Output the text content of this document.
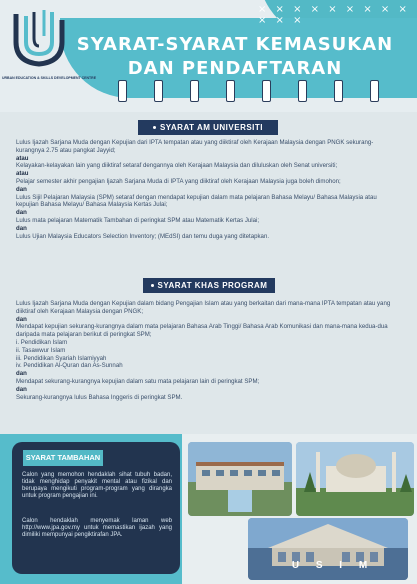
× × × × × × × × × × × ×
URBAN EDUCATION & SKILLS DEVELOPMENT CENTRE
SYARAT-SYARAT KEMASUKAN
DAN PENDAFTARAN
SYARAT AM UNIVERSITI
Lulus Ijazah Sarjana Muda dengan Kepujian dari IPTA tempatan atau yang diiktiraf oleh Kerajaan Malaysia dengan PNGK sekurang-kurangnya 2.75 atau pangkat Jayyid;
atau
Kelayakan-kelayakan lain yang diiktiraf setaraf dengannya oleh Kerajaan Malaysia dan diluluskan oleh Senat universiti;
atau
Pelajar semester akhir pengajian Ijazah Sarjana Muda di IPTA yang diiktiraf oleh Kerajaan Malaysia juga boleh dimohon;
dan
Lulus Sijil Pelajaran Malaysia (SPM) setaraf dengan mendapat kepujian dalam mata pelajaran Bahasa Melayu/ Bahasa Malaysia atau kepujian Bahasa Melayu/ Bahasa Malaysia Kertas Julai;
dan
Lulus mata pelajaran Matematik Tambahan di peringkat SPM atau Matematik Kertas Julai;
dan
Lulus Ujian Malaysia Educators Selection Inventory; (MEdSI) dan temu duga yang ditetapkan.
SYARAT KHAS PROGRAM
Lulus Ijazah Sarjana Muda dengan Kepujian dalam bidang Pengajian Islam atau yang berkaitan dari mana-mana IPTA tempatan atau yang diiktiraf oleh Kerajaan Malaysia dengan PNGK;
dan
Mendapat kepujian sekurang-kurangnya dalam mata pelajaran Bahasa Arab Tinggi/ Bahasa Arab Komunikasi dan mana-mana kedua-dua daripada mata pelajaran berikut di peringkat SPM;
i. Pendidikan Islam
ii. Tasawwur Islam
iii. Pendidikan Syariah Islamiyyah
iv. Pendidikan Al-Quran dan As-Sunnah
dan
Mendapat sekurang-kurangnya kepujian dalam satu mata pelajaran lain di peringkat SPM;
dan
Sekurang-kurangnya lulus Bahasa Inggeris di peringkat SPM.
SYARAT TAMBAHAN
Calon yang memohon hendaklah sihat tubuh badan, tidak menghidap penyakit mental atau fizikal dan berupaya mengikuti program-program yang dirangka untuk program pengajian ini.
Calon hendaklah menyemak laman web http://www.jpa.gov.my untuk memastikan ijazah yang dimiliki mempunyai pengiktirafan JPA.
U S I M
